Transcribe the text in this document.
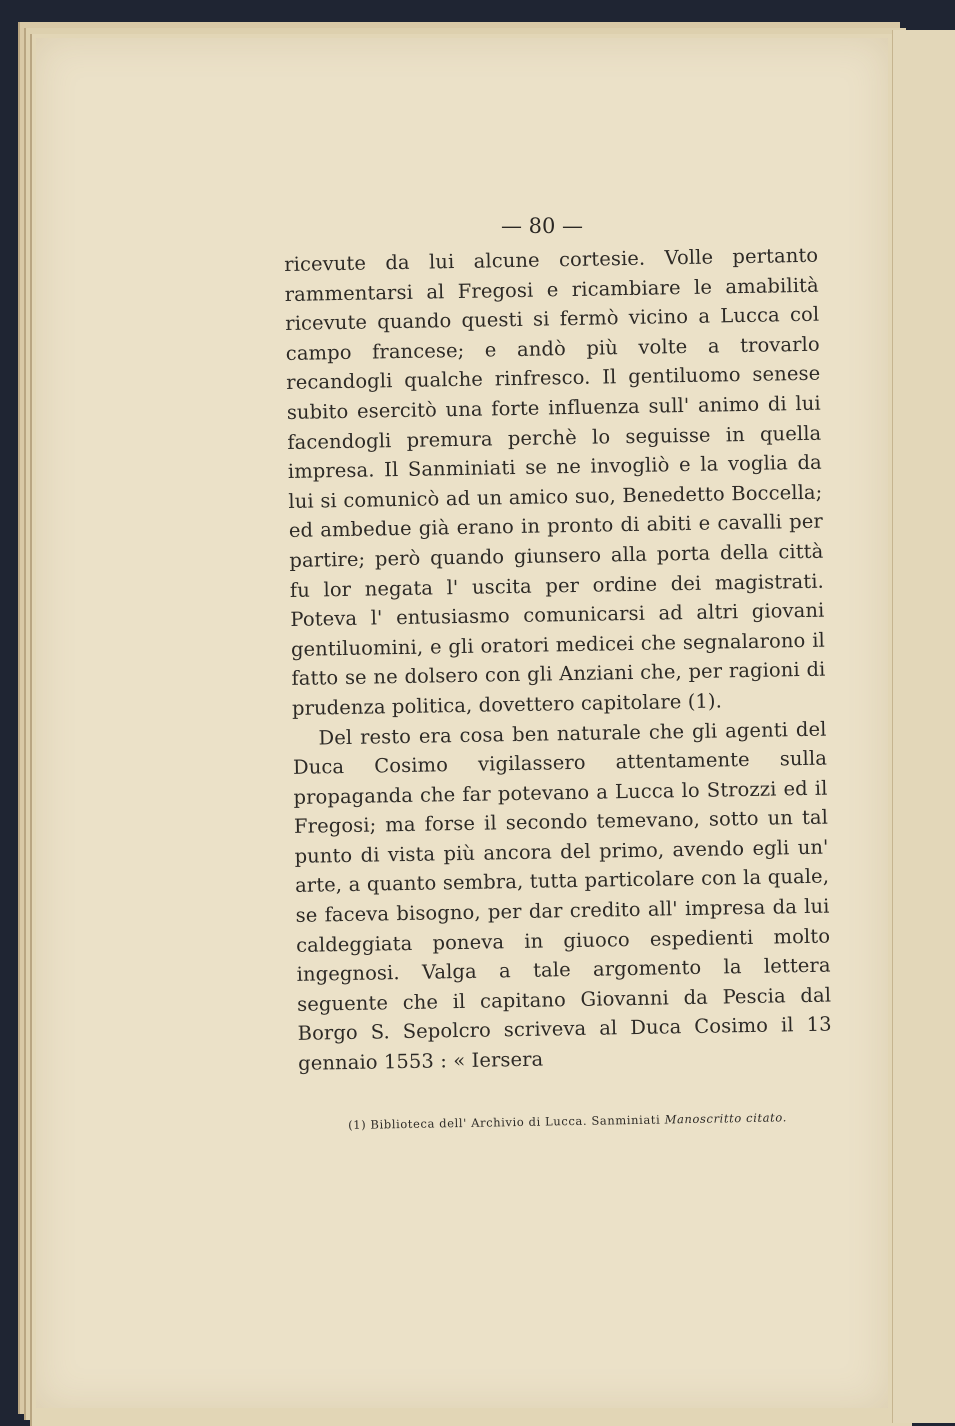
— 80 —

ricevute da lui alcune cortesie. Volle pertanto rammentarsi al Fregosi e ricambiare le amabilità ricevute quando questi si fermò vicino a Lucca col campo francese; e andò più volte a trovarlo recandogli qualche rinfresco. Il gentiluomo senese subito esercitò una forte influenza sull' animo di lui facendogli premura perchè lo seguisse in quella impresa. Il Sanminiati se ne invogliò e la voglia da lui si comunicò ad un amico suo, Benedetto Boccella; ed ambedue già erano in pronto di abiti e cavalli per partire; però quando giunsero alla porta della città fu lor negata l' uscita per ordine dei magistrati. Poteva l' entusiasmo comunicarsi ad altri giovani gentiluomini, e gli oratori medicei che segnalarono il fatto se ne dolsero con gli Anziani che, per ragioni di prudenza politica, dovettero capitolare (1).

Del resto era cosa ben naturale che gli agenti del Duca Cosimo vigilassero attentamente sulla propaganda che far potevano a Lucca lo Strozzi ed il Fregosi; ma forse il secondo temevano, sotto un tal punto di vista più ancora del primo, avendo egli un' arte, a quanto sembra, tutta particolare con la quale, se faceva bisogno, per dar credito all' impresa da lui caldeggiata poneva in giuoco espedienti molto ingegnosi. Valga a tale argomento la lettera seguente che il capitano Giovanni da Pescia dal Borgo S. Sepolcro scriveva al Duca Cosimo il 13 gennaio 1553 : « Iersera

(1) Biblioteca dell' Archivio di Lucca. Sanminiati Manoscritto citato.
